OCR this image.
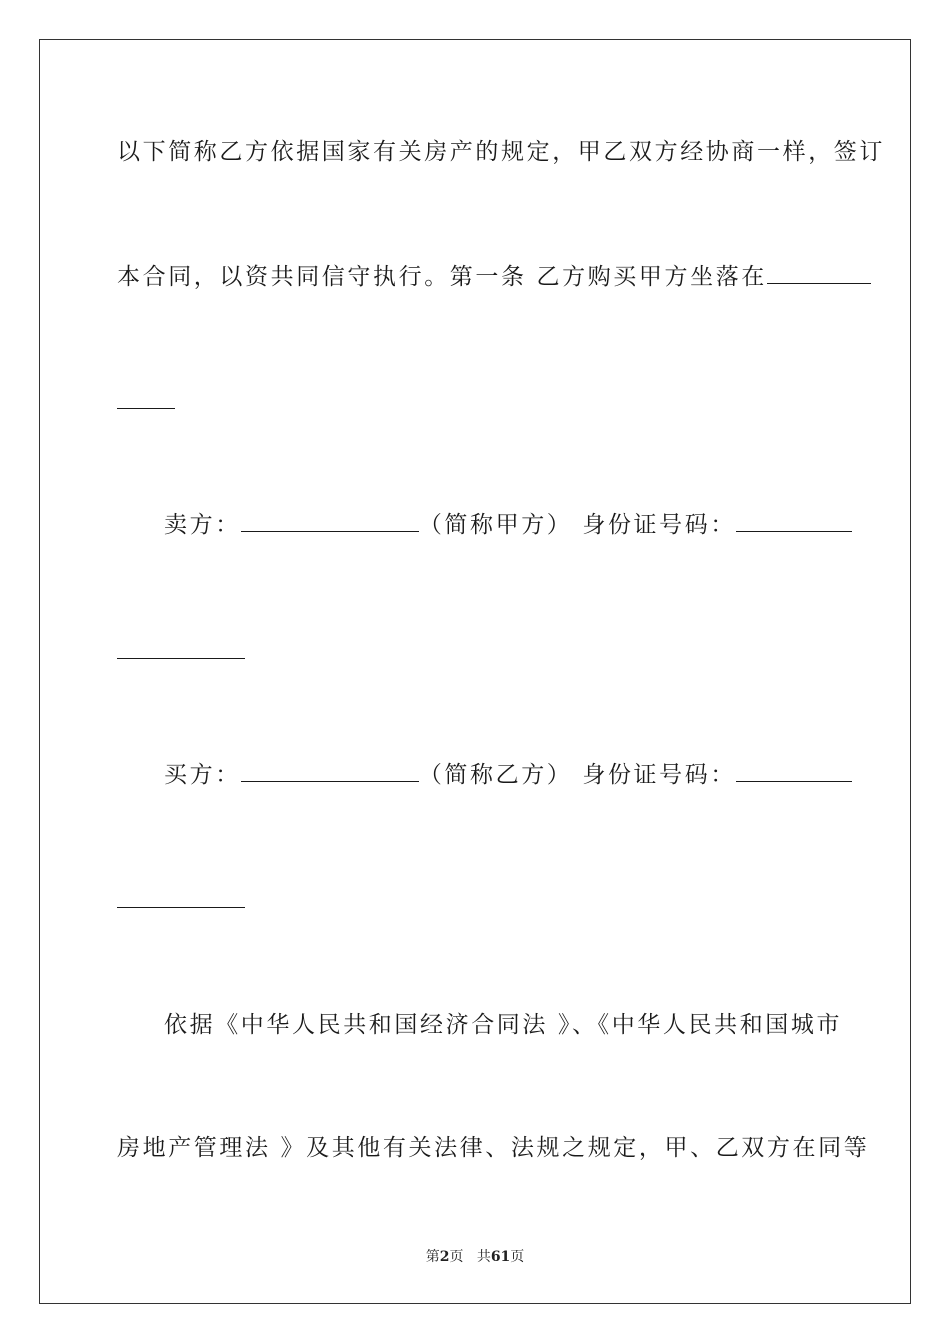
以下简称乙方依据国家有关房产的规定，甲乙双方经协商一样，签订
本合同，以资共同信守执行。第一条 乙方购买甲方坐落在
卖方：	（简称甲方） 身份证号码：
买方：	（简称乙方） 身份证号码：
依据《中华人民共和国经济合同法 》、《中华人民共和国城市
房地产管理法 》及其他有关法律、法规之规定，甲、乙双方在同等
第2页 共61页
